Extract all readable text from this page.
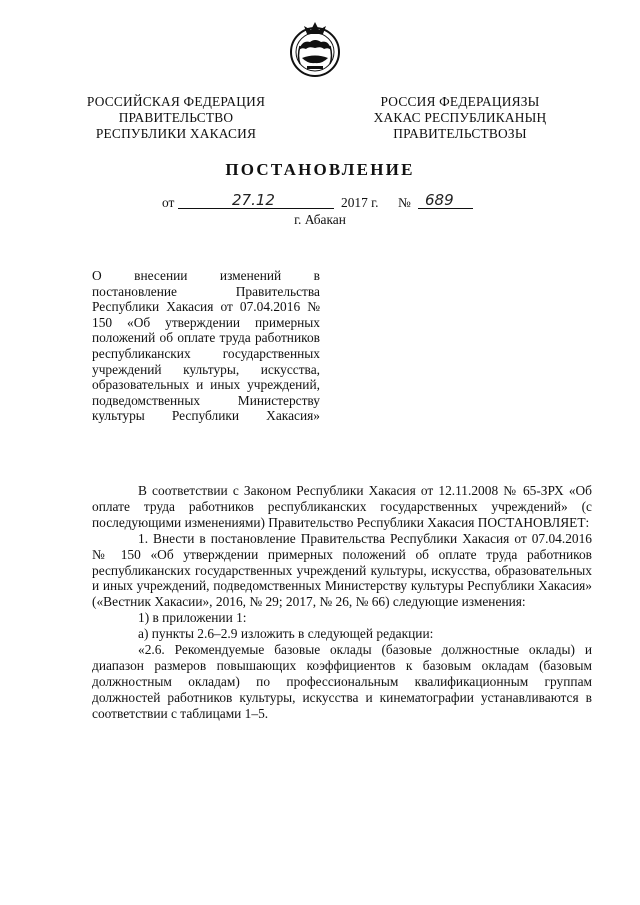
РОССИЙСКАЯ ФЕДЕРАЦИЯ
ПРАВИТЕЛЬСТВО
РЕСПУБЛИКИ ХАКАСИЯ
РОССИЯ ФЕДЕРАЦИЯЗЫ
ХАКАС РЕСПУБЛИКАНЫҢ
ПРАВИТЕЛЬСТВОЗЫ
ПОСТАНОВЛЕНИЕ
от	27.12	2017 г. № 689
г. Абакан
О внесении изменений в постановление Правительства Республики Хакасия от 07.04.2016 № 150 «Об утверждении примерных положений об оплате труда работников республиканских государственных учреждений культуры, искусства, образовательных и иных учреждений, подведомственных Министерству культуры Республики Хакасия»

В соответствии с Законом Республики Хакасия от 12.11.2008 № 65-ЗРХ «Об оплате труда работников республиканских государственных учреждений» (с последующими изменениями) Правительство Республики Хакасия ПОСТАНОВЛЯЕТ:

1. Внести в постановление Правительства Республики Хакасия от 07.04.2016 № 150 «Об утверждении примерных положений об оплате труда работников республиканских государственных учреждений культуры, искусства, образовательных и иных учреждений, подведомственных Министерству культуры Республики Хакасия» («Вестник Хакасии», 2016, № 29; 2017, № 26, № 66) следующие изменения:

1) в приложении 1:

а) пункты 2.6–2.9 изложить в следующей редакции:

«2.6. Рекомендуемые базовые оклады (базовые должностные оклады) и диапазон размеров повышающих коэффициентов к базовым окладам (базовым должностным окладам) по профессиональным квалификационным группам должностей работников культуры, искусства и кинематографии устанавливаются в соответствии с таблицами 1–5.
